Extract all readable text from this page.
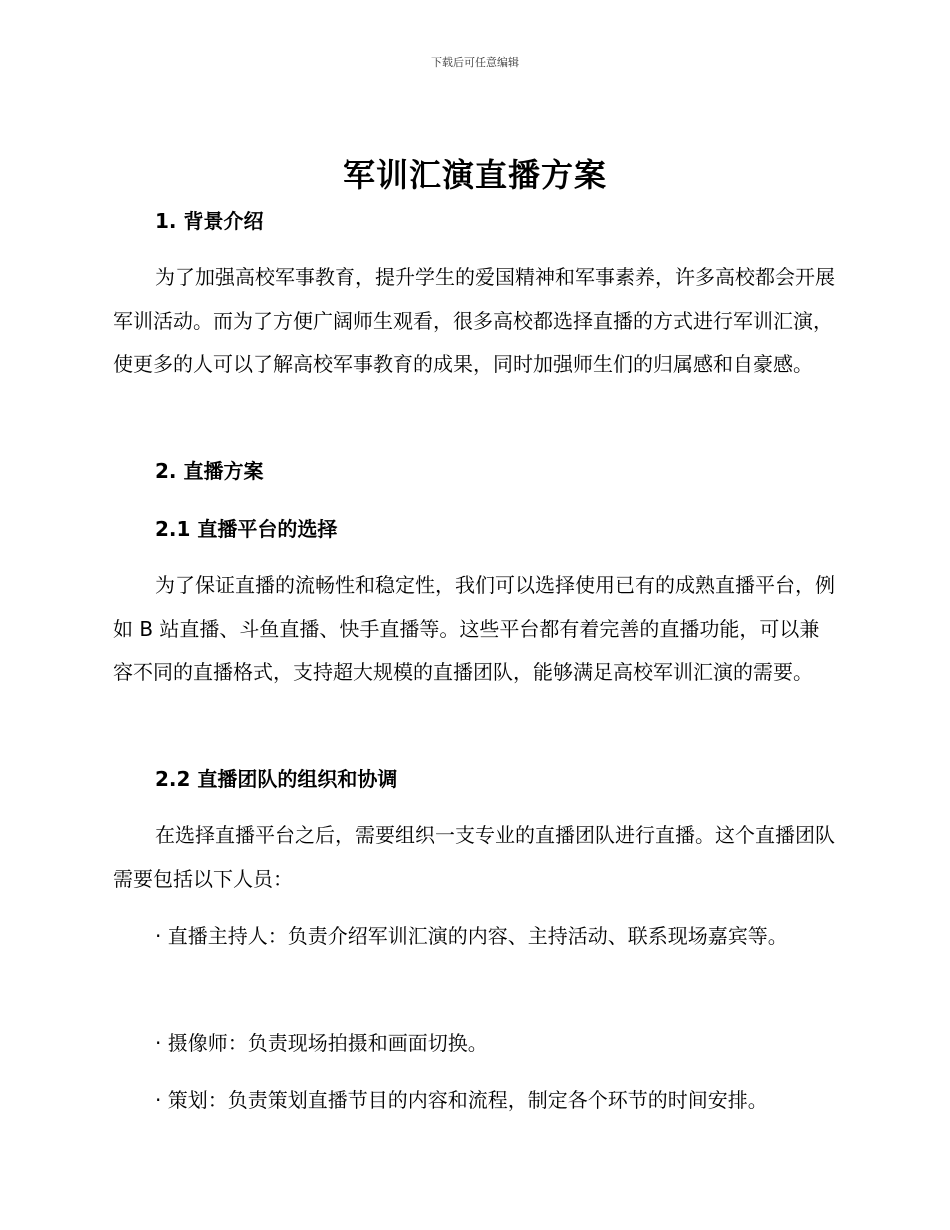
下载后可任意编辑
军训汇演直播方案

1. 背景介绍

为了加强高校军事教育，提升学生的爱国精神和军事素养，许多高校都会开展军训活动。而为了方便广阔师生观看，很多高校都选择直播的方式进行军训汇演，使更多的人可以了解高校军事教育的成果，同时加强师生们的归属感和自豪感。

2. 直播方案

2.1 直播平台的选择

为了保证直播的流畅性和稳定性，我们可以选择使用已有的成熟直播平台，例如 B 站直播、斗鱼直播、快手直播等。这些平台都有着完善的直播功能，可以兼容不同的直播格式，支持超大规模的直播团队，能够满足高校军训汇演的需要。

2.2 直播团队的组织和协调

在选择直播平台之后，需要组织一支专业的直播团队进行直播。这个直播团队需要包括以下人员：

· 直播主持人：负责介绍军训汇演的内容、主持活动、联系现场嘉宾等。

· 摄像师：负责现场拍摄和画面切换。

· 策划：负责策划直播节目的内容和流程，制定各个环节的时间安排。
